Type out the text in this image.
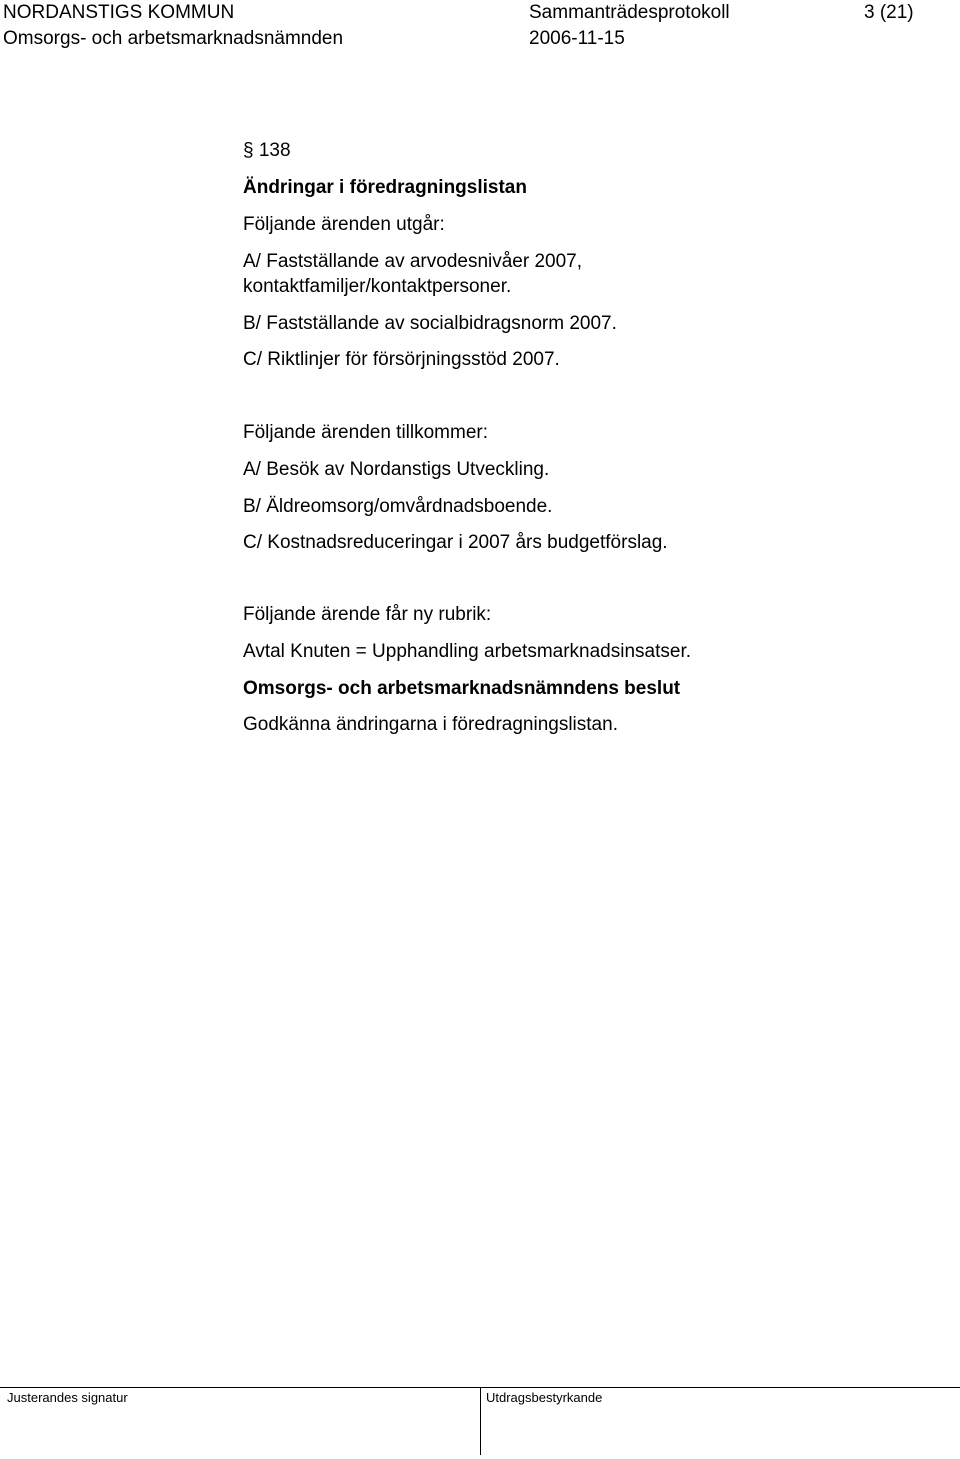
NORDANSTIGS KOMMUN	Sammanträdesprotokoll	3 (21)
Omsorgs- och arbetsmarknadsnämnden	2006-11-15
§ 138
Ändringar i föredragningslistan
Följande ärenden utgår:
A/ Fastställande av arvodesnivåer 2007,
kontaktfamiljer/kontaktpersoner.
B/ Fastställande av socialbidragsnorm 2007.
C/ Riktlinjer för försörjningsstöd 2007.
Följande ärenden tillkommer:
A/ Besök av Nordanstigs Utveckling.
B/ Äldreomsorg/omvårdnadsboende.
C/ Kostnadsreduceringar i 2007 års budgetförslag.
Följande ärende får ny rubrik:
Avtal Knuten = Upphandling arbetsmarknadsinsatser.
Omsorgs- och arbetsmarknadsnämndens beslut
Godkänna ändringarna i föredragningslistan.
Justerandes signatur	Utdragsbestyrkande
